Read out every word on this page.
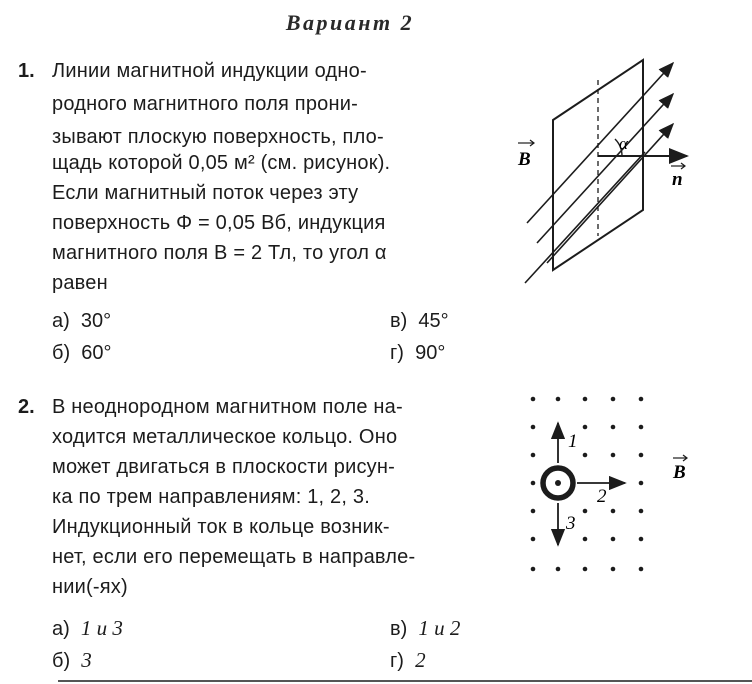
Вариант 2
1. Линии магнитной индукции одно-
родного магнитного поля прони-
зывают плоскую поверхность, пло-
щадь которой 0,05 м² (см. рисунок).
Если магнитный поток через эту
поверхность Φ = 0,05 Вб, индукция
магнитного поля B = 2 Тл, то угол α
равен
а) 30°	в) 45°
б) 60°	г) 90°
α
B
n
2. В неоднородном магнитном поле на-
ходится металлическое кольцо. Оно
может двигаться в плоскости рисун-
ка по трем направлениям: 1, 2, 3.
Индукционный ток в кольце возник-
нет, если его перемещать в направле-
нии(-ях)
а) 1 и 3	в) 1 и 2
б) 3	г) 2
1
2
3
B
